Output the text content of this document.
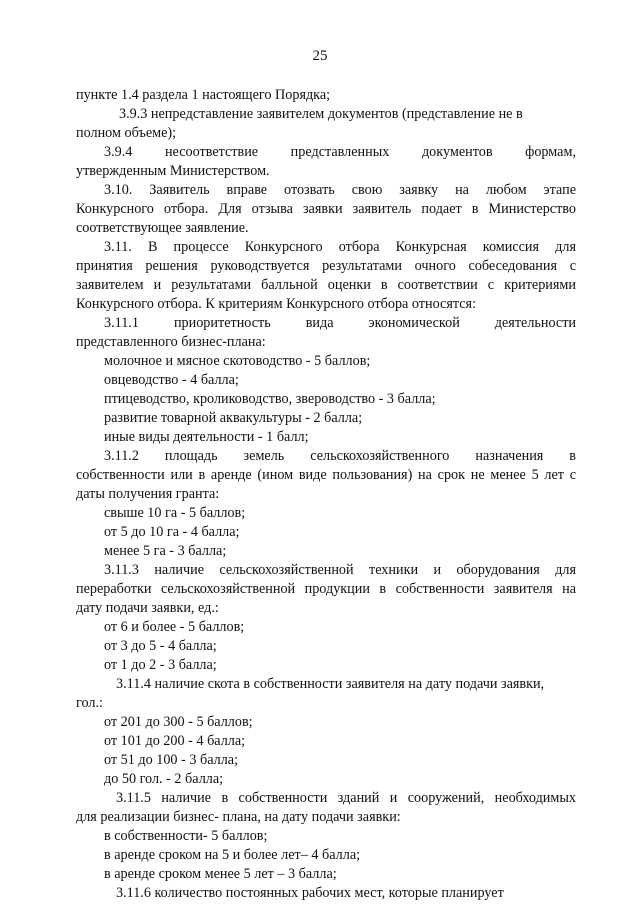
25
пункте 1.4 раздела 1 настоящего Порядка;
3.9.3 непредставление заявителем документов (представление не в
полном объеме);
3.9.4 несоответствие представленных документов формам,
утвержденным Министерством.
3.10. Заявитель вправе отозвать свою заявку на любом этапе
Конкурсного отбора. Для отзыва заявки заявитель подает в Министерство
соответствующее заявление.
3.11. В процессе Конкурсного отбора Конкурсная комиссия для
принятия решения руководствуется результатами очного собеседования с
заявителем и результатами балльной оценки в соответствии с критериями
Конкурсного отбора. К критериям Конкурсного отбора относятся:
3.11.1 приоритетность вида экономической деятельности
представленного бизнес-плана:
молочное и мясное скотоводство - 5 баллов;
овцеводство - 4 балла;
птицеводство, кролиководство, звероводство - 3 балла;
развитие товарной аквакультуры - 2 балла;
иные виды деятельности - 1 балл;
3.11.2 площадь земель сельскохозяйственного назначения в
собственности или в аренде (ином виде пользования) на срок не менее 5 лет с
даты получения гранта:
свыше 10 га - 5 баллов;
от 5 до 10 га - 4 балла;
менее 5 га - 3 балла;
3.11.3 наличие сельскохозяйственной техники и оборудования для
переработки сельскохозяйственной продукции в собственности заявителя на
дату подачи заявки, ед.:
от 6 и более - 5 баллов;
от 3 до 5 - 4 балла;
от 1 до 2 - 3 балла;
3.11.4 наличие скота в собственности заявителя на дату подачи заявки,
гол.:
от 201 до 300 - 5 баллов;
от 101 до 200 - 4 балла;
от 51 до 100 - 3 балла;
до 50 гол. - 2 балла;
3.11.5 наличие в собственности зданий и сооружений, необходимых
для реализации бизнес- плана, на дату подачи заявки:
в собственности- 5 баллов;
в аренде сроком на 5 и более лет– 4 балла;
в аренде сроком менее 5 лет – 3 балла;
3.11.6 количество постоянных рабочих мест, которые планирует
